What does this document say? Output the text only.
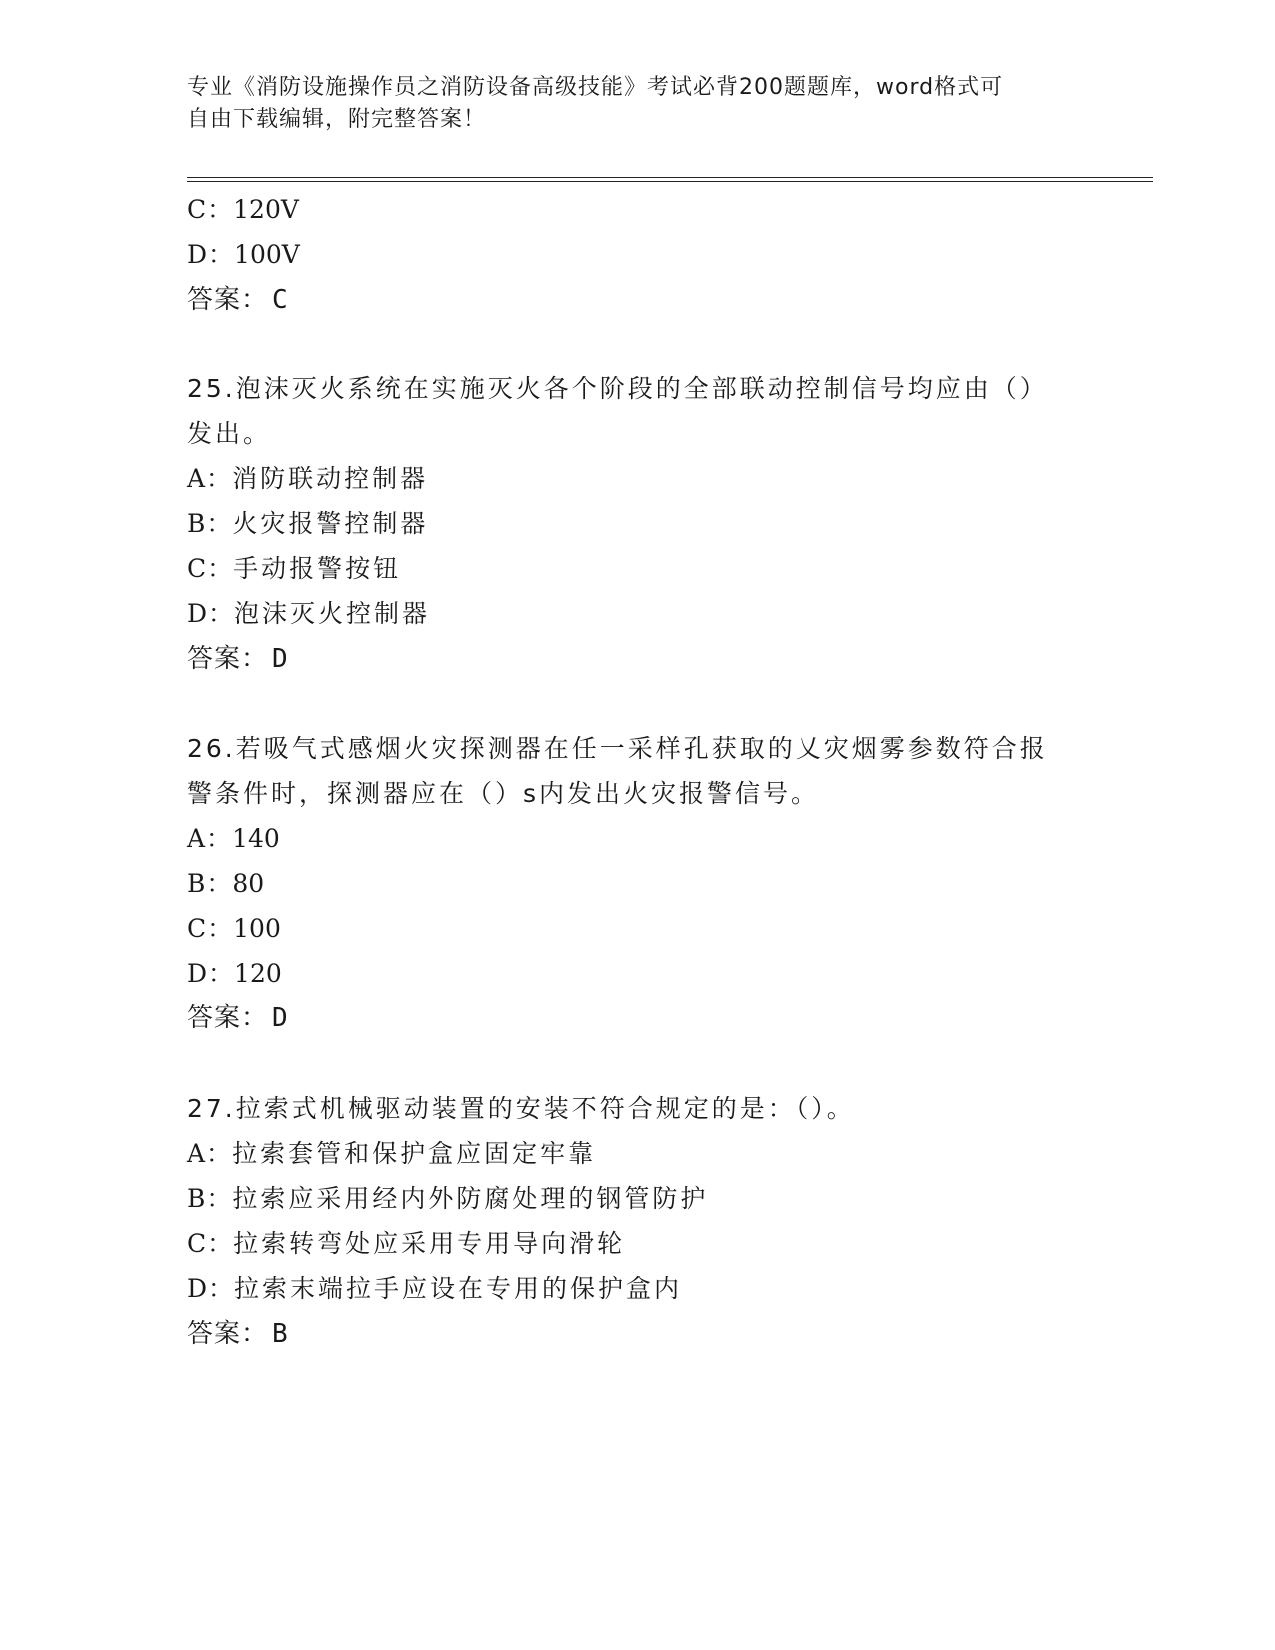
专业《消防设施操作员之消防设备高级技能》考试必背200题题库，word格式可
自由下载编辑，附完整答案！
C：120V
D：100V
答案： C
25.泡沫灭火系统在实施灭火各个阶段的全部联动控制信号均应由（）
发出。
A：消防联动控制器
B：火灾报警控制器
C：手动报警按钮
D：泡沫灭火控制器
答案： D
26.若吸气式感烟火灾探测器在任一采样孔获取的乂灾烟雾参数符合报
警条件时，探测器应在（）s内发出火灾报警信号。
A：140
B：80
C：100
D：120
答案： D
27.拉索式机械驱动装置的安装不符合规定的是：（）。
A：拉索套管和保护盒应固定牢靠
B：拉索应采用经内外防腐处理的钢管防护
C：拉索转弯处应采用专用导向滑轮
D：拉索末端拉手应设在专用的保护盒内
答案： B
